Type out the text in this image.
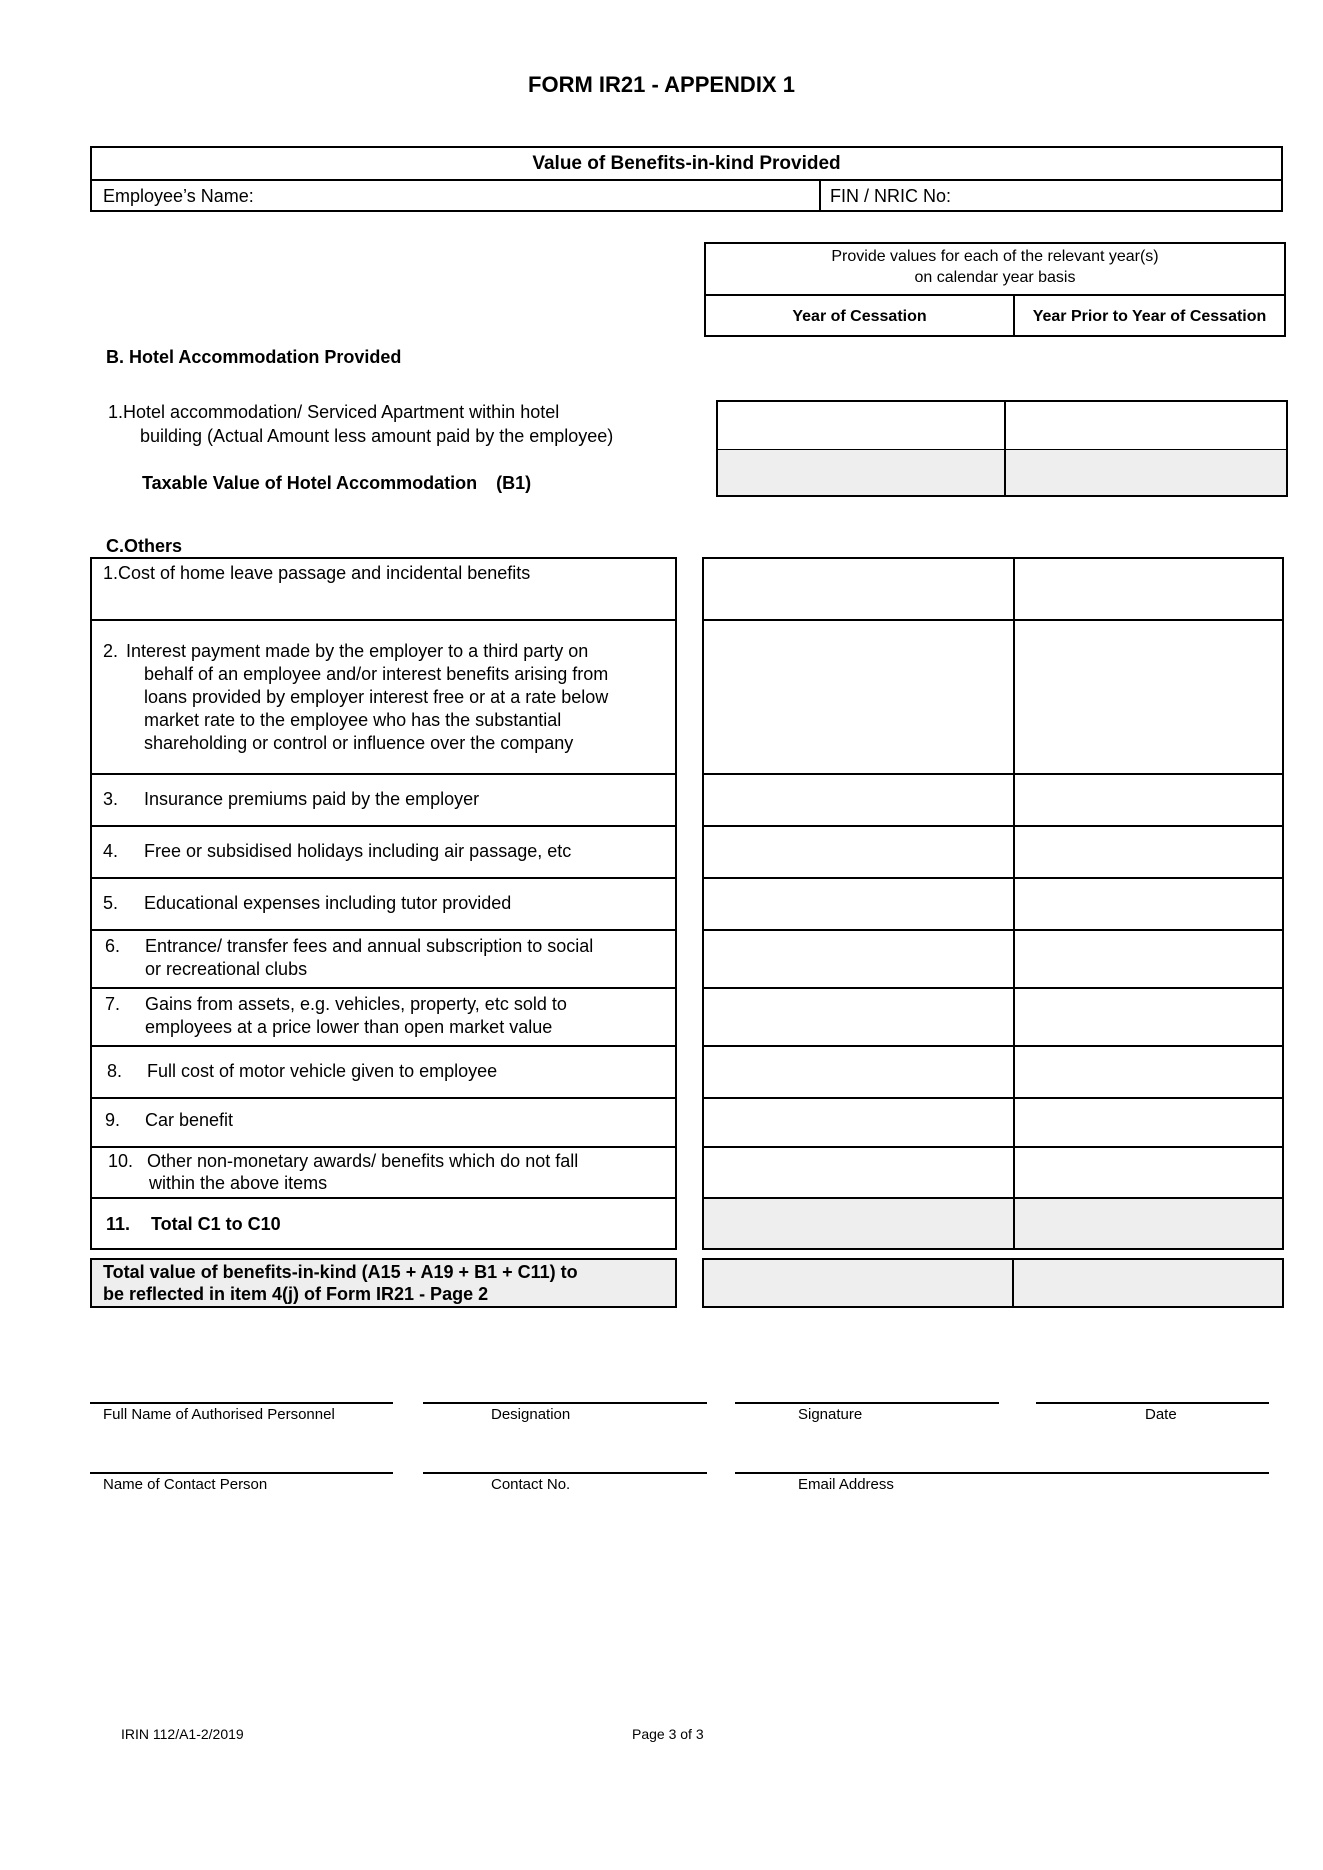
FORM IR21 - APPENDIX 1
Value of Benefits-in-kind Provided
Employee’s Name:	FIN / NRIC No:
Provide values for each of the relevant year(s)
on calendar year basis
Year of Cessation	Year Prior to Year of Cessation
B. Hotel Accommodation Provided
1.Hotel accommodation/ Serviced Apartment within hotel
building (Actual Amount less amount paid by the employee)
Taxable Value of Hotel Accommodation (B1)
C.Others
1.Cost of home leave passage and incidental benefits
2. Interest payment made by the employer to a third party on
behalf of an employee and/or interest benefits arising from
loans provided by employer interest free or at a rate below
market rate to the employee who has the substantial
shareholding or control or influence over the company
3. Insurance premiums paid by the employer
4. Free or subsidised holidays including air passage, etc
5. Educational expenses including tutor provided
6. Entrance/ transfer fees and annual subscription to social
or recreational clubs
7. Gains from assets, e.g. vehicles, property, etc sold to
employees at a price lower than open market value
8. Full cost of motor vehicle given to employee
9. Car benefit
10. Other non-monetary awards/ benefits which do not fall
within the above items
11. Total C1 to C10
Total value of benefits-in-kind (A15 + A19 + B1 + C11) to
be reflected in item 4(j) of Form IR21 - Page 2
Full Name of Authorised Personnel	Designation	Signature	Date
Name of Contact Person	Contact No.	Email Address
IRIN 112/A1-2/2019	Page 3 of 3
